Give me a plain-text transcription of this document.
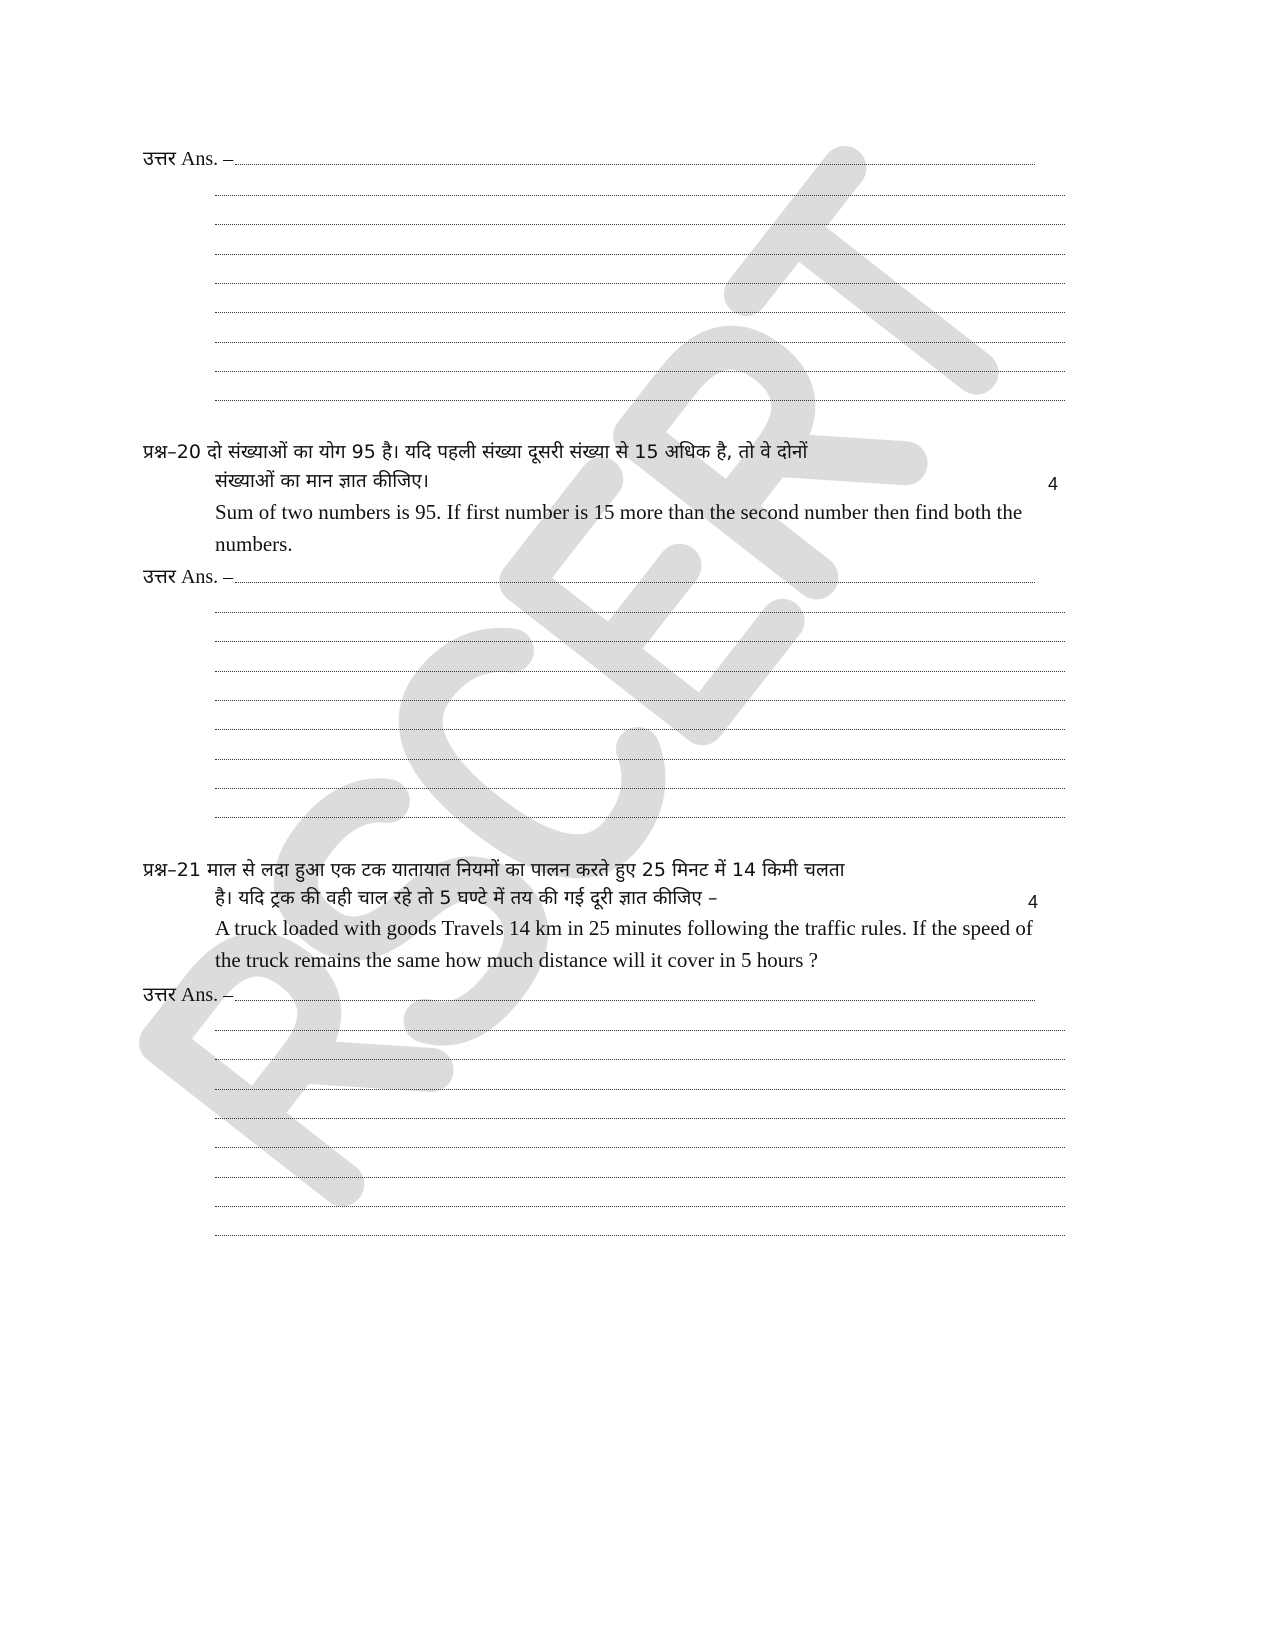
उत्तर Ans. –
प्रश्न–20 दो संख्याओं का योग 95 है। यदि पहली संख्या दूसरी संख्या से 15 अधिक है, तो वे दोनों
संख्याओं का मान ज्ञात कीजिए।	4
Sum of two numbers is 95. If first number is 15 more than the second number then find both the
numbers.
उत्तर Ans. –
प्रश्न–21 माल से लदा हुआ एक टक यातायात नियमों का पालन करते हुए 25 मिनट में 14 किमी चलता
है। यदि ट्रक की वही चाल रहे तो 5 घण्टे में तय की गई दूरी ज्ञात कीजिए –	4
A truck loaded with goods Travels 14 km in 25 minutes following the traffic rules. If the speed of
the truck remains the same how much distance will it cover in 5 hours ?
उत्तर Ans. –
